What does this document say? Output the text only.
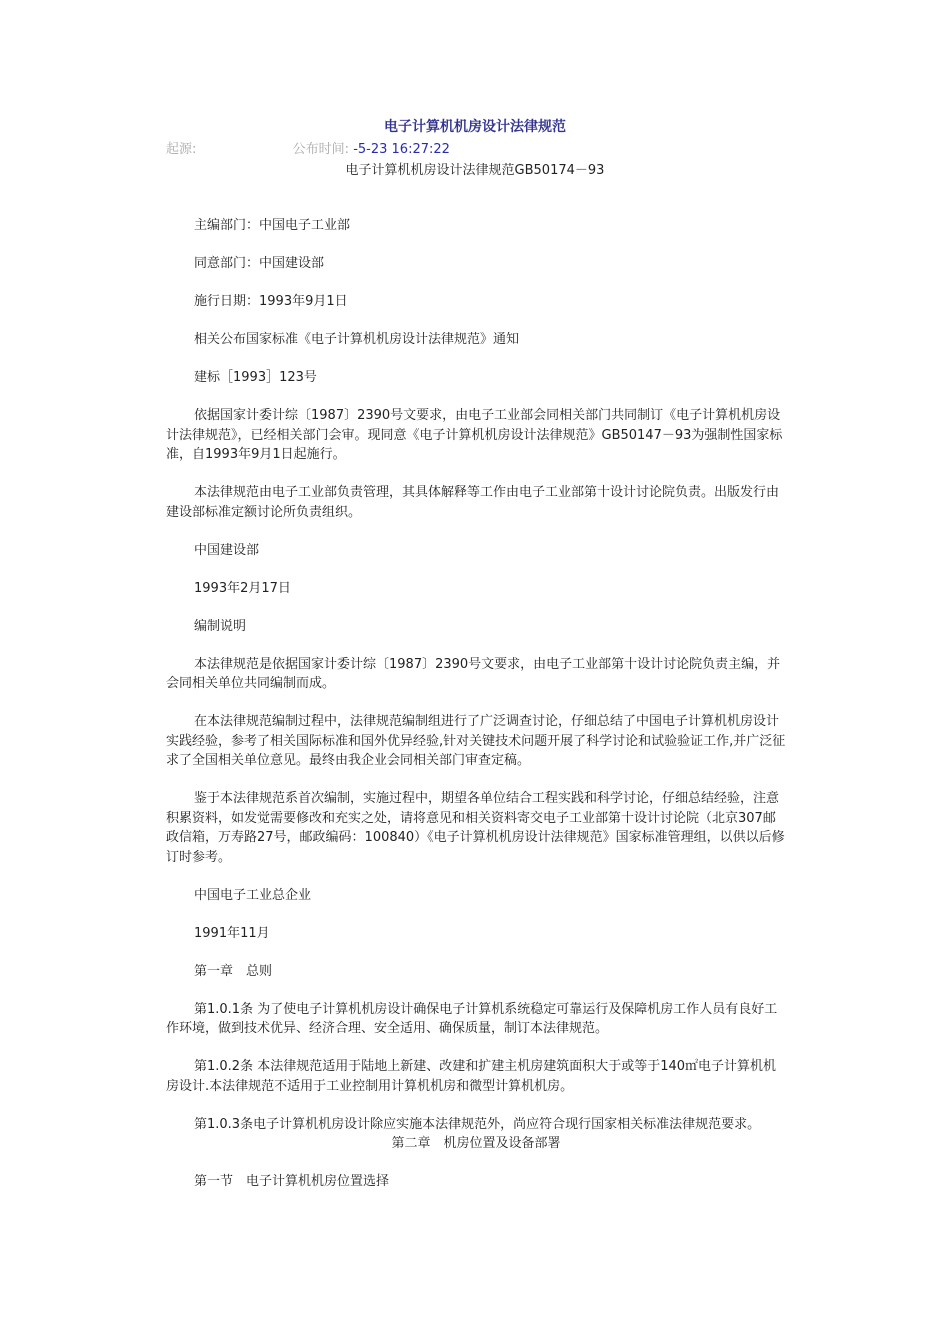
电子计算机机房设计法律规范
起源:	公布时间: -5-23 16:27:22
电子计算机机房设计法律规范GB50174－93

主编部门：中国电子工业部

同意部门：中国建设部

施行日期：1993年9月1日

相关公布国家标准《电子计算机机房设计法律规范》通知

建标［1993］123号

依据国家计委计综〔1987〕2390号文要求，由电子工业部会同相关部门共同制订《电子计算机机房设计法律规范》，已经相关部门会审。现同意《电子计算机机房设计法律规范》GB50147－93为强制性国家标准，自1993年9月1日起施行。

本法律规范由电子工业部负责管理，其具体解释等工作由电子工业部第十设计讨论院负责。出版发行由建设部标准定额讨论所负责组织。

中国建设部

1993年2月17日

编制说明

本法律规范是依据国家计委计综〔1987〕2390号文要求，由电子工业部第十设计讨论院负责主编，并会同相关单位共同编制而成。

在本法律规范编制过程中，法律规范编制组进行了广泛调查讨论，仔细总结了中国电子计算机机房设计实践经验，参考了相关国际标准和国外优异经验,针对关键技术问题开展了科学讨论和试验验证工作,并广泛征求了全国相关单位意见。最终由我企业会同相关部门审查定稿。

鉴于本法律规范系首次编制，实施过程中，期望各单位结合工程实践和科学讨论，仔细总结经验，注意积累资料，如发觉需要修改和充实之处，请将意见和相关资料寄交电子工业部第十设计讨论院（北京307邮政信箱，万寿路27号，邮政编码：100840）《电子计算机机房设计法律规范》国家标准管理组，以供以后修订时参考。

中国电子工业总企业

1991年11月

第一章　总则

第1.0.1条 为了使电子计算机机房设计确保电子计算机系统稳定可靠运行及保障机房工作人员有良好工作环境，做到技术优异、经济合理、安全适用、确保质量，制订本法律规范。

第1.0.2条 本法律规范适用于陆地上新建、改建和扩建主机房建筑面积大于或等于140㎡电子计算机机房设计.本法律规范不适用于工业控制用计算机机房和微型计算机机房。

第1.0.3条电子计算机机房设计除应实施本法律规范外，尚应符合现行国家相关标准法律规范要求。

第二章　机房位置及设备部署

第一节　电子计算机机房位置选择
